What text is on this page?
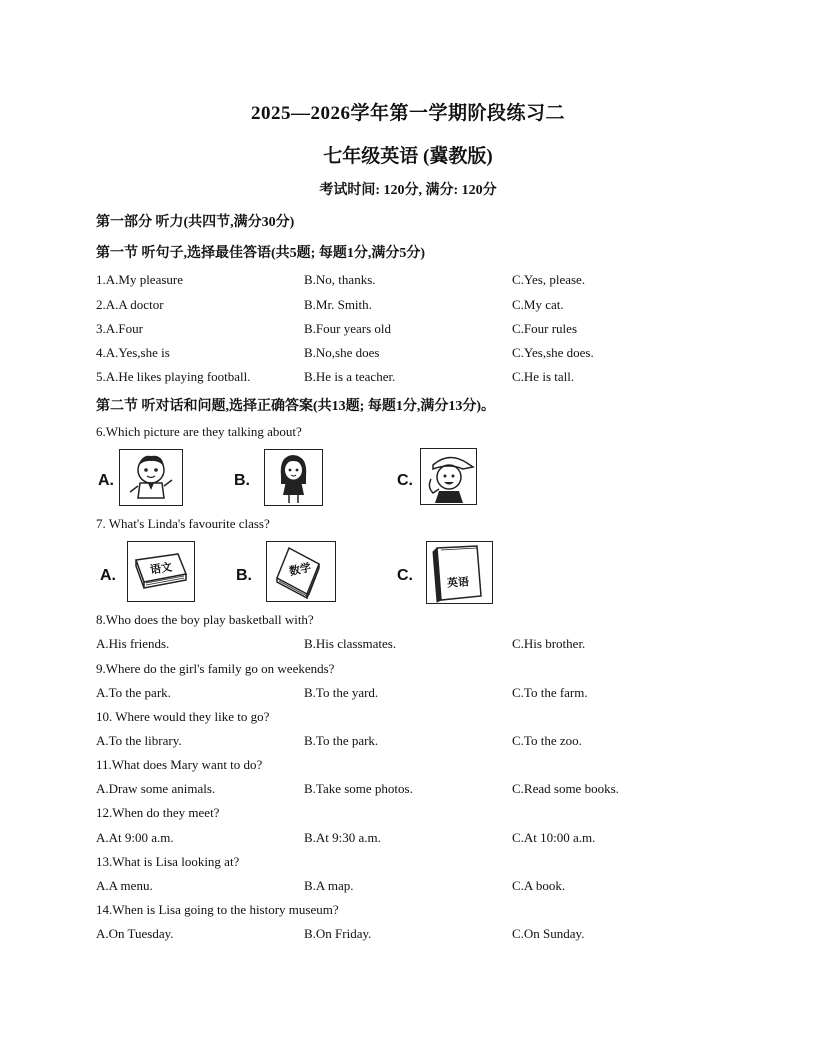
2025—2026学年第一学期阶段练习二
七年级英语 (冀教版)
考试时间: 120分, 满分: 120分
第一部分 听力(共四节,满分30分)
第一节 听句子,选择最佳答语(共5题; 每题1分,满分5分)
1.A.My pleasure	B.No, thanks.	C.Yes, please.
2.A.A doctor	B.Mr. Smith.	C.My cat.
3.A.Four	B.Four years old	C.Four rules
4.A.Yes,she is	B.No,she does	C.Yes,she does.
5.A.He likes playing football.	B.He is a teacher.	C.He is tall.
第二节 听对话和问题,选择正确答案(共13题; 每题1分,满分13分)。
6.Which picture are they talking about?
A.	B.	C.
7. What's Linda's favourite class?
A.	语文	B.	数学	C.	英语
8.Who does the boy play basketball with?
A.His friends.	B.His classmates.	C.His brother.
9.Where do the girl's family go on weekends?
A.To the park.	B.To the yard.	C.To the farm.
10. Where would they like to go?
A.To the library.	B.To the park.	C.To the zoo.
11.What does Mary want to do?
A.Draw some animals.	B.Take some photos.	C.Read some books.
12.When do they meet?
A.At 9:00 a.m.	B.At 9:30 a.m.	C.At 10:00 a.m.
13.What is Lisa looking at?
A.A menu.	B.A map.	C.A book.
14.When is Lisa going to the history museum?
A.On Tuesday.	B.On Friday.	C.On Sunday.
